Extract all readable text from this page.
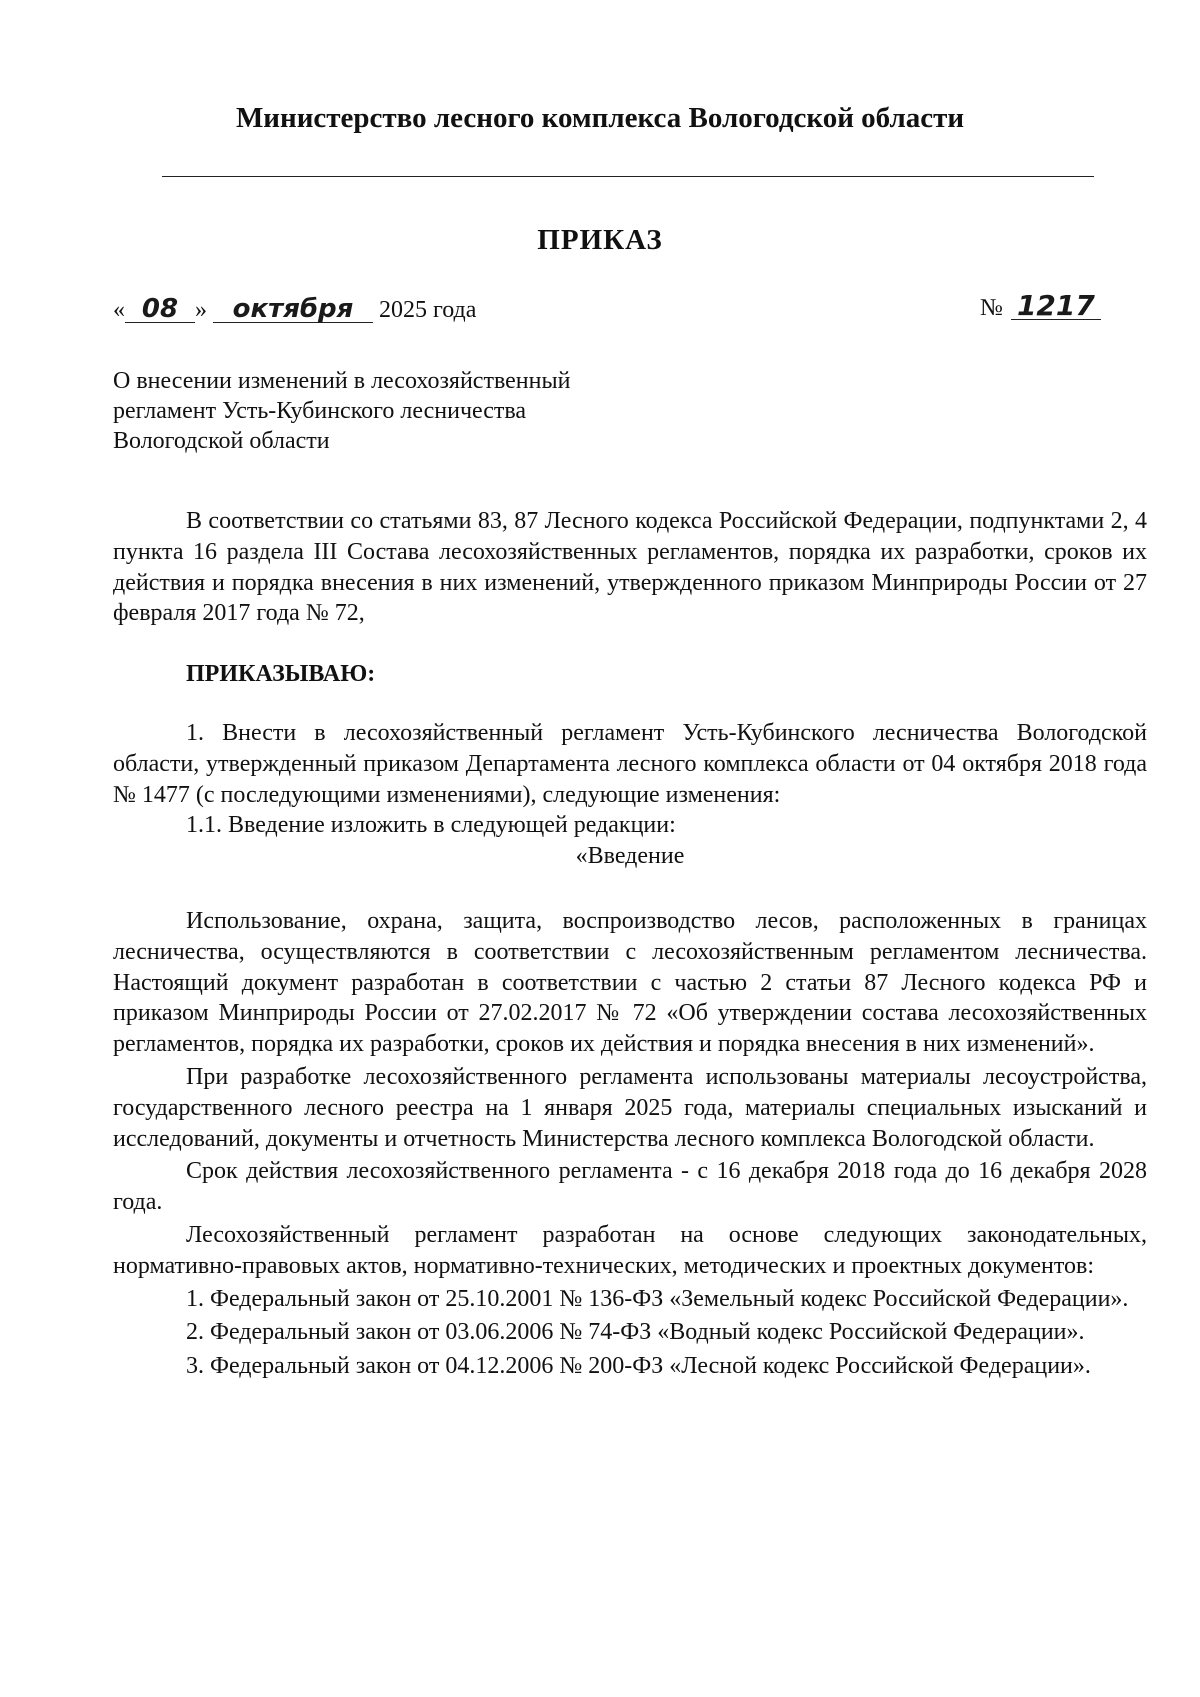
Министерство лесного комплекса Вологодской области
ПРИКАЗ
« 08 » октября 2025 года	№ 1217
О внесении изменений в лесохозяйственный
регламент Усть-Кубинского лесничества
Вологодской области

В соответствии со статьями 83, 87 Лесного кодекса Российской Федерации, подпунктами 2, 4 пункта 16 раздела III Состава лесохозяйственных регламентов, порядка их разработки, сроков их действия и порядка внесения в них изменений, утвержденного приказом Минприроды России от 27 февраля 2017 года № 72,

ПРИКАЗЫВАЮ:

1. Внести в лесохозяйственный регламент Усть-Кубинского лесничества Вологодской области, утвержденный приказом Департамента лесного комплекса области от 04 октября 2018 года № 1477 (с последующими изменениями), следующие изменения:

1.1. Введение изложить в следующей редакции:

«Введение

Использование, охрана, защита, воспроизводство лесов, расположенных в границах лесничества, осуществляются в соответствии с лесохозяйственным регламентом лесничества. Настоящий документ разработан в соответствии с частью 2 статьи 87 Лесного кодекса РФ и приказом Минприроды России от 27.02.2017 № 72 «Об утверждении состава лесохозяйственных регламентов, порядка их разработки, сроков их действия и порядка внесения в них изменений».

При разработке лесохозяйственного регламента использованы материалы лесоустройства, государственного лесного реестра на 1 января 2025 года, материалы специальных изысканий и исследований, документы и отчетность Министерства лесного комплекса Вологодской области.

Срок действия лесохозяйственного регламента - с 16 декабря 2018 года до 16 декабря 2028 года.

Лесохозяйственный регламент разработан на основе следующих законодательных, нормативно-правовых актов, нормативно-технических, методических и проектных документов:

1. Федеральный закон от 25.10.2001 № 136-ФЗ «Земельный кодекс Российской Федерации».

2. Федеральный закон от 03.06.2006 № 74-ФЗ «Водный кодекс Российской Федерации».

3. Федеральный закон от 04.12.2006 № 200-ФЗ «Лесной кодекс Российской Федерации».
